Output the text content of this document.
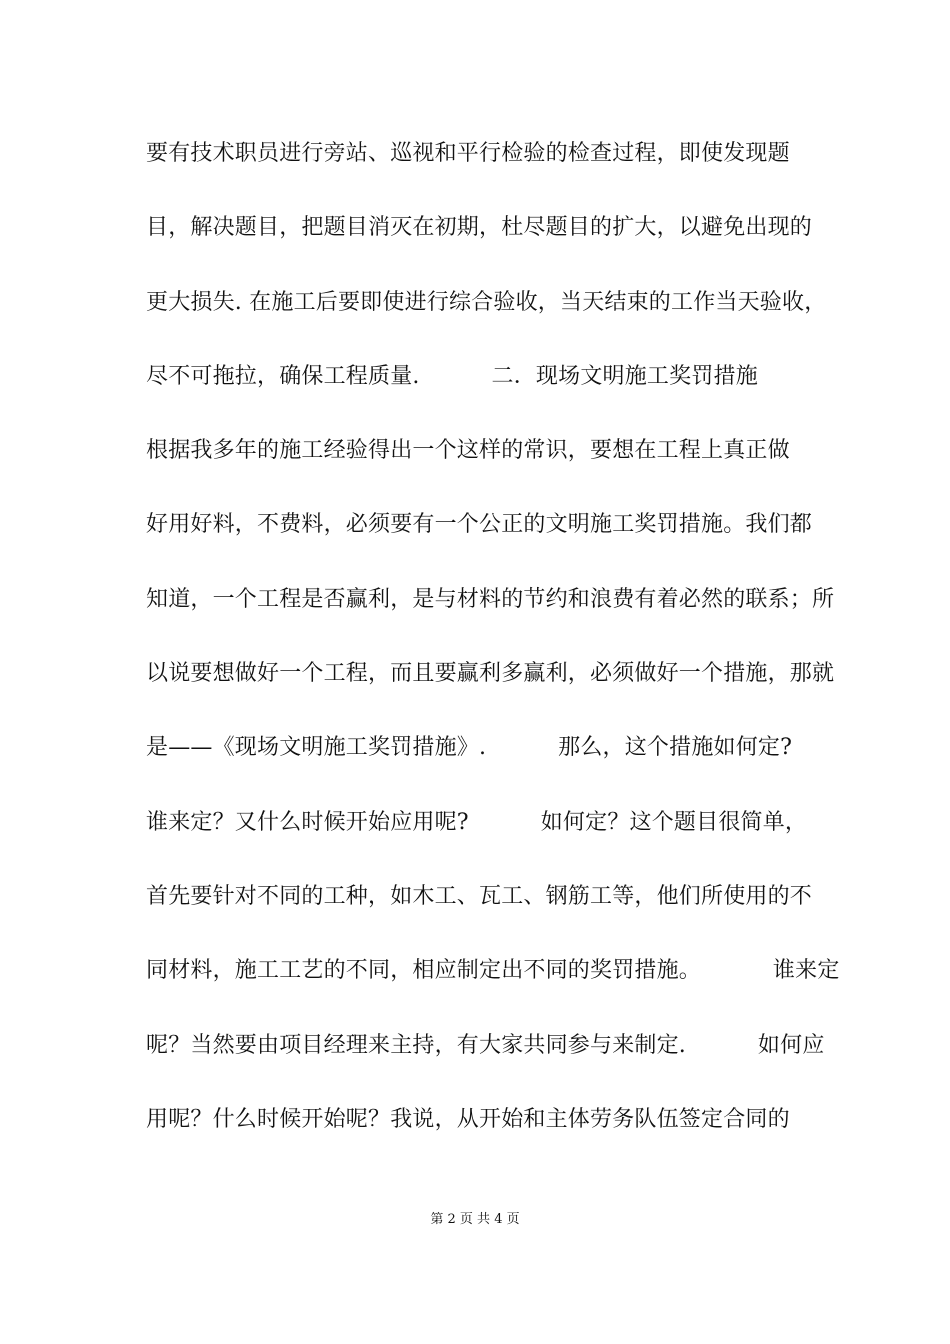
要有技术职员进行旁站、巡视和平行检验的检查过程，即使发现题
目，解决题目，把题目消灭在初期，杜尽题目的扩大，以避免出现的
更大损失. 在施工后要即使进行综合验收，当天结束的工作当天验收，
尽不可拖拉，确保工程质量.          二．现场文明施工奖罚措施
根据我多年的施工经验得出一个这样的常识，要想在工程上真正做
好用好料，不费料，必须要有一个公正的文明施工奖罚措施。我们都
知道，一个工程是否赢利，是与材料的节约和浪费有着必然的联系；所
以说要想做好一个工程，而且要赢利多赢利，必须做好一个措施，那就
是——《现场文明施工奖罚措施》.          那么，这个措施如何定?
谁来定？又什么时候开始应用呢?          如何定？这个题目很简单，
首先要针对不同的工种，如木工、瓦工、钢筋工等，他们所使用的不
同材料，施工工艺的不同，相应制定出不同的奖罚措施。          谁来定
呢？当然要由项目经理来主持，有大家共同参与来制定.          如何应
用呢？什么时候开始呢？我说，从开始和主体劳务队伍签定合同的
第 2 页 共 4 页
